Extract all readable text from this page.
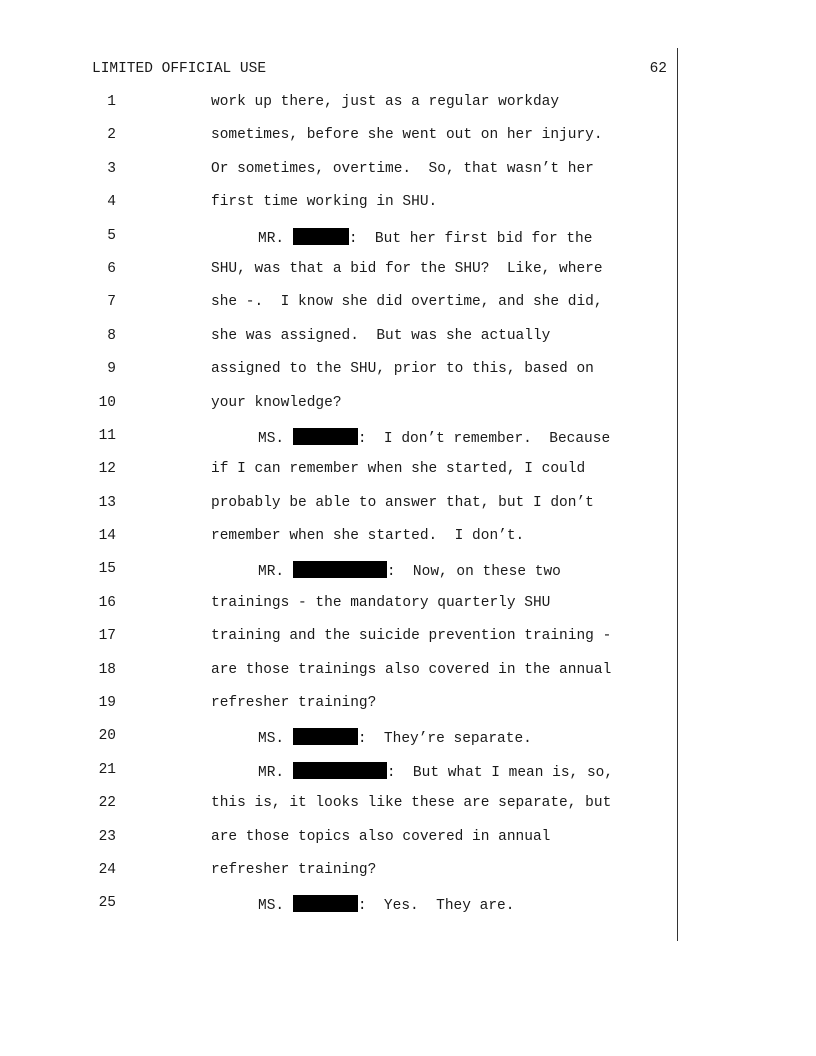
LIMITED OFFICIAL USE	62
1	work up there, just as a regular workday
2	sometimes, before she went out on her injury.
3	Or sometimes, overtime.  So, that wasn’t her
4	first time working in SHU.
5	MR.	:  But her first bid for the
6	SHU, was that a bid for the SHU?  Like, where
7	she -.  I know she did overtime, and she did,
8	she was assigned.  But was she actually
9	assigned to the SHU, prior to this, based on
10	your knowledge?
11	MS.	:  I don’t remember.  Because
12	if I can remember when she started, I could
13	probably be able to answer that, but I don’t
14	remember when she started.  I don’t.
15	MR.	:  Now, on these two
16	trainings - the mandatory quarterly SHU
17	training and the suicide prevention training -
18	are those trainings also covered in the annual
19	refresher training?
20	MS.	:  They’re separate.
21	MR.	:  But what I mean is, so,
22	this is, it looks like these are separate, but
23	are those topics also covered in annual
24	refresher training?
25	MS.	:  Yes.  They are.
